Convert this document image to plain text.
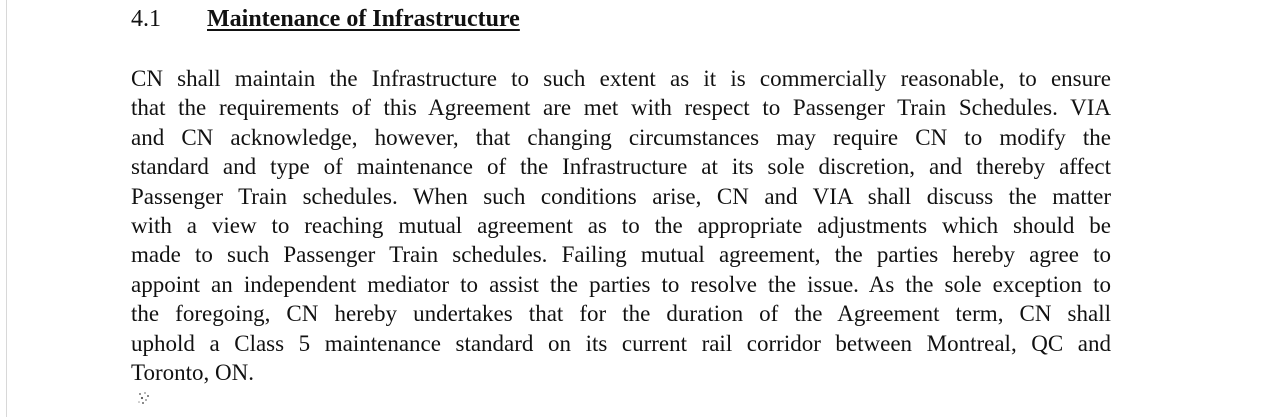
4.1 Maintenance of Infrastructure
CN shall maintain the Infrastructure to such extent as it is commercially reasonable, to ensure
that the requirements of this Agreement are met with respect to Passenger Train Schedules. VIA
and CN acknowledge, however, that changing circumstances may require CN to modify the
standard and type of maintenance of the Infrastructure at its sole discretion, and thereby affect
Passenger Train schedules. When such conditions arise, CN and VIA shall discuss the matter
with a view to reaching mutual agreement as to the appropriate adjustments which should be
made to such Passenger Train schedules. Failing mutual agreement, the parties hereby agree to
appoint an independent mediator to assist the parties to resolve the issue. As the sole exception to
the foregoing, CN hereby undertakes that for the duration of the Agreement term, CN shall
uphold a Class 5 maintenance standard on its current rail corridor between Montreal, QC and
Toronto, ON.
